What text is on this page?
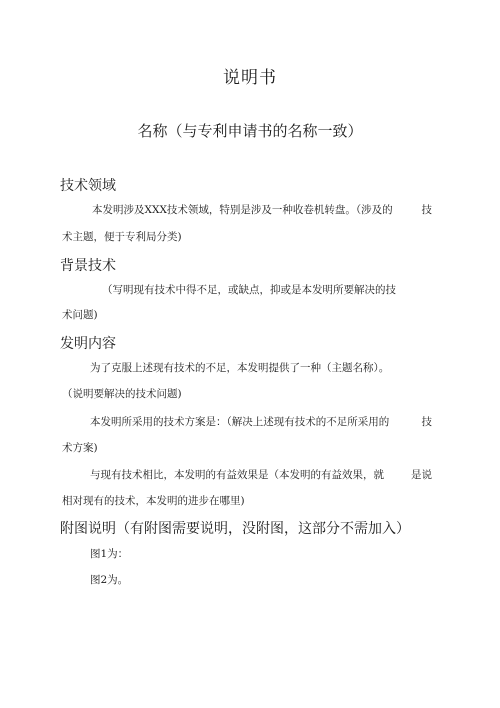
说明书
名称（与专利申请书的名称一致）
技术领域
本发明涉及XXX技术领域，特别是涉及一种收卷机转盘。（涉及的	技
术主题，便于专利局分类)
背景技术
（写明现有技术中得不足，或缺点，抑或是本发明所要解决的技
术问题)
发明内容
为了克服上述现有技术的不足，本发明提供了一种（主题名称）。
（说明要解决的技术问题)
本发明所采用的技术方案是：（解决上述现有技术的不足所采用的	技
术方案)
与现有技术相比，本发明的有益效果是（本发明的有益效果，就	是说
相对现有的技术，本发明的进步在哪里)
附图说明（有附图需要说明，没附图，这部分不需加入）
图1为：
图2为。
